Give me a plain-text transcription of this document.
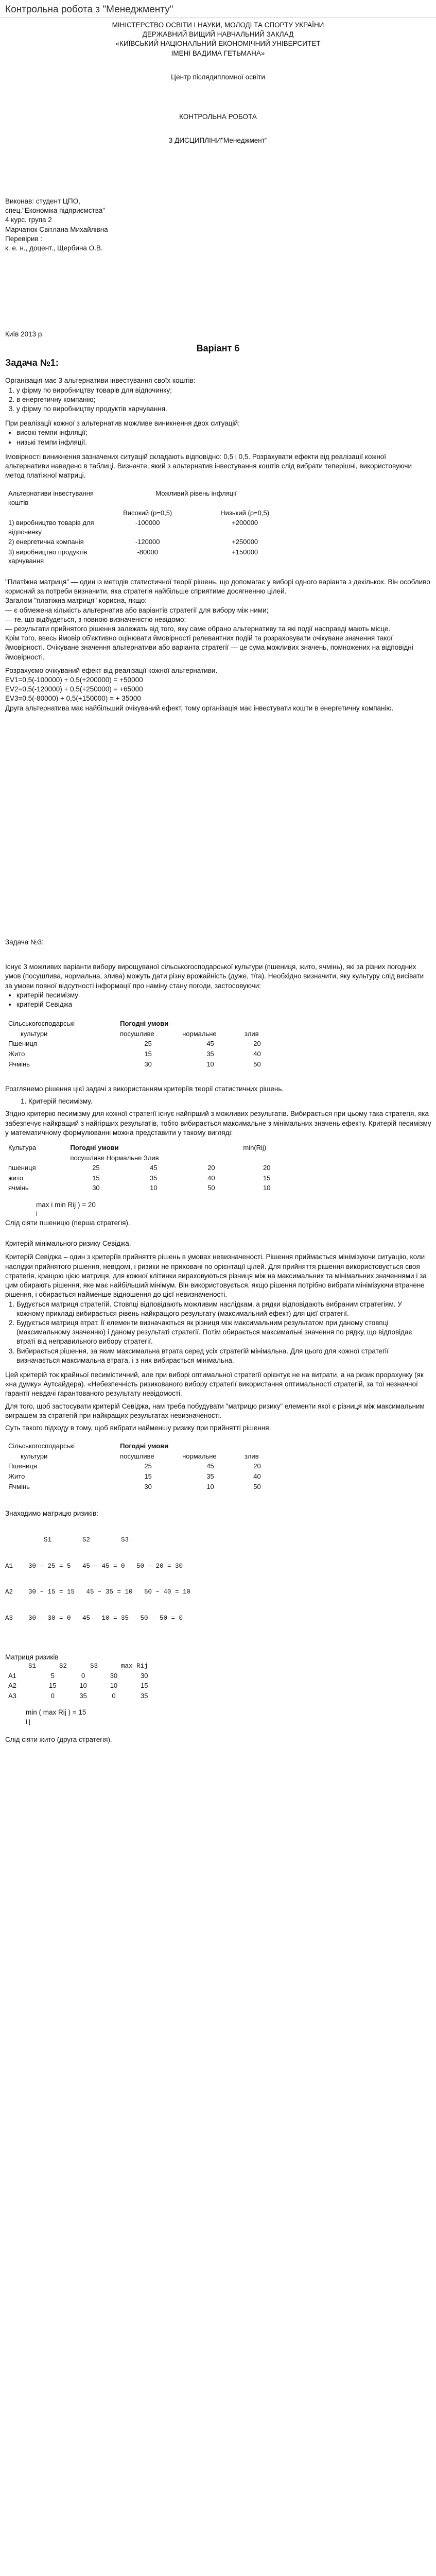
Контрольна робота з "Менеджменту"
МІНІСТЕРСТВО ОСВІТИ І НАУКИ, МОЛОДІ ТА СПОРТУ УКРАЇНИ
ДЕРЖАВНИЙ ВИЩИЙ НАВЧАЛЬНИЙ ЗАКЛАД
«КИЇВСЬКИЙ НАЦІОНАЛЬНИЙ ЕКОНОМІЧНИЙ УНІВЕРСИТЕТ
ІМЕНІ ВАДИМА ГЕТЬМАНА»
Центр післядипломної освіти
КОНТРОЛЬНА РОБОТА
З ДИСЦИПЛІНИ"Менеджмент"
Виконав: студент ЦПО,
спец."Економіка підприємства"
4 курс, група 2
Марчатюк Світлана Михайлівна
Перевірив :
к. е. н., доцент., Щербина О.В.
Київ 2013 р.
Варіант 6
Задача №1:
Організація має 3 альтернативи інвестування своїх коштів:
1. у фірму по виробництву товарів для відпочинку;
2. в енергетичну компанію;
3. у фірму по виробництву продуктів харчування.
При реалізації кожної з альтернатив можливе виникнення двох ситуацій:
• високі темпи інфляції;
• низькі темпи інфляції.

Імовірності виникнення зазначених ситуацій складають відповідно: 0,5 і 0,5. Розрахувати ефекти від реалізації кожної альтернативи наведено в таблиці. Визначте, який з альтернатив інвестування коштів слід вибрати теперішні, використовуючи метод платіжної матриці.

Альтернативи інвестування коштів	Можливий рівень інфляції	
	Високий (p=0,5)	Низький (p=0,5)
1) виробництво товарів для відпочинку	-100000	+200000
2) енергетична компанія	-120000	+250000
3) виробництво продуктів харчування	-80000	+150000

"Платіжна матриця" — один із методів статистичної теорії рішень, що допомагає у виборі одного варіанта з декількох. Він особливо корисний за потреби визначити, яка стратегія найбільше сприятиме досягненню цілей.

Загалом "платіжна матриця" корисна, якщо:

— є обмежена кількість альтернатив або варіантів стратегії для вибору між ними;

— те, що відбудеться, з повною визначеністю невідомо;

— результати прийнятого рішення залежать від того, яку саме обрано альтернативу та які події насправді мають місце.

Крім того, ввесь ймовір об'єктивно оцінювати ймовірності релевантних подій та розраховувати очікуване значення такої ймовірності. Очікуване значення альтернативи або варіанта стратегії — це сума можливих значень, помножених на відповідні ймовірності.

Розрахуємо очікуваний ефект від реалізації кожної альтернативи.

EV1=0,5(-100000) + 0,5(+200000) = +50000

EV2=0,5(-120000) + 0,5(+250000) = +65000

EV3=0,5(-80000) + 0,5(+150000) = + 35000

Друга альтернатива має найбільший очікуваний ефект, тому організація має інвестувати кошти в енергетичну компанію.

Задача №3:

Існує 3 можливих варіанти вибору вирощуваної сільськогосподарської культури (пшениця, жито, ячмінь), які за різних погодних умов (посушлива, нормальна, злива) можуть дати різну врожайність (дуже, т/га). Необхідно визначити, яку культуру слід висівати за умови повної відсутності інформації про наміну стану погоди, застосовуючи:

• критерій песимізму
• критерій Севіджа
Сільськогосподарські	Погодні умови		
культури	посушливе	нормальне	злив
Пшениця	25	45	20
Жито	15	35	40
Ячмінь	30	10	50

Розглянемо рішення цієї задачі з використанням критеріїв теорії статистичних рішень.

1. Критерій песимізму.

Згідно критерію песимізму для кожної стратегії існує найгірший з можливих результатів. Вибирається при цьому така стратегія, яка забезпечує найкращий з найгірших результатів, тобто вибирається максимальне з мінімальних значень ефекту. Критерій песимізму у математичному формулюванні можна представити у такому вигляді:

Культура	Погодні умови			min(Rij)
	посушливе Нормальне Злив			
пшениця	25	45	20	20
жито	15	35	40	15
ячмінь	30	10	50	10

max i min Rij ) = 20

i

Слід сіяти пшеницю (перша стратегія).

Критерій мінімального ризику Севіджа.

Критерій Севіджа – один з критеріїв прийняття рішень в умовах невизначеності. Рішення приймається мінімізуючи ситуацію, коли наслідки прийнятого рішення, невідомі, і ризики не приховані по орієнтації цілей. Для прийняття рішення використовується своя стратегія, кращою цією матриця, для кожної клітинки вираховуються різниця між на максимальних та мінімальних значеннями і за цим обирають рішення, яке має найбільший мінімум. Він використовується, якщо рішення потрібно вибрати мінімізуючи втрачене рішення, і обирається найменше відношення до цієї невизначеності.

1. Будується матриця стратегій. Стовпці відповідають можливим наслідкам, а рядки відповідають вибраним стратегіям. У кожному прикладі вибирається рівень найкращого результату (максимальний ефект) для цієї стратегії.
2. Будується матриця втрат. Її елементи визначаються як різниця між максимальним результатом при даному стовпці (максимальному значенню) і даному результаті стратегії. Потім обирається максимальні значення по рядку, що відповідає втраті від неправильного вибору стратегії.
3. Вибирається рішення, за яким максимальна втрата серед усіх стратегій мінімальна. Для цього для кожної стратегії визначається максимальна втрата, і з них вибирається мінімальна.

Цей критерій ток крайньої песимістичний, але при виборі оптимальної стратегії орієнтує не на витрати, а на ризик прорахунку (як «на думку» Аутсайдера). «Небезпечність ризикованого вибору стратегії використання оптимальності стратегій, за тої незначної гарантії невдачі гарантованого результату невідомості.

Для того, щоб застосувати критерій Севіджа, нам треба побудувати "матрицю ризику" елементи якої є різниця між максимальним виграшем за стратегій при найкращих результатах невизначеності.

Суть такого підходу в тому, щоб вибрати найменшу ризику при прийнятті рішення.

Сільськогосподарські	Погодні умови		
культури	посушливе	нормальне	злив
Пшениця	25	45	20
Жито	15	35	40
Ячмінь	30	10	50

Знаходимо матрицю ризиків:

S1        S2        S3

A1    30 – 25 = 5   45 – 45 = 0   50 – 20 = 30

A2    30 – 15 = 15   45 – 35 = 10   50 – 40 = 10

A3    30 – 30 = 0   45 – 10 = 35   50 – 50 = 0

Матриця ризиків

S1      S2      S3      max Rij
А1	5	0	30	30
А2	15	10	10	15
А3	0	35	0	35

min ( max Rij ) = 15

i j

Слід сіяти жито (друга стратегія).
